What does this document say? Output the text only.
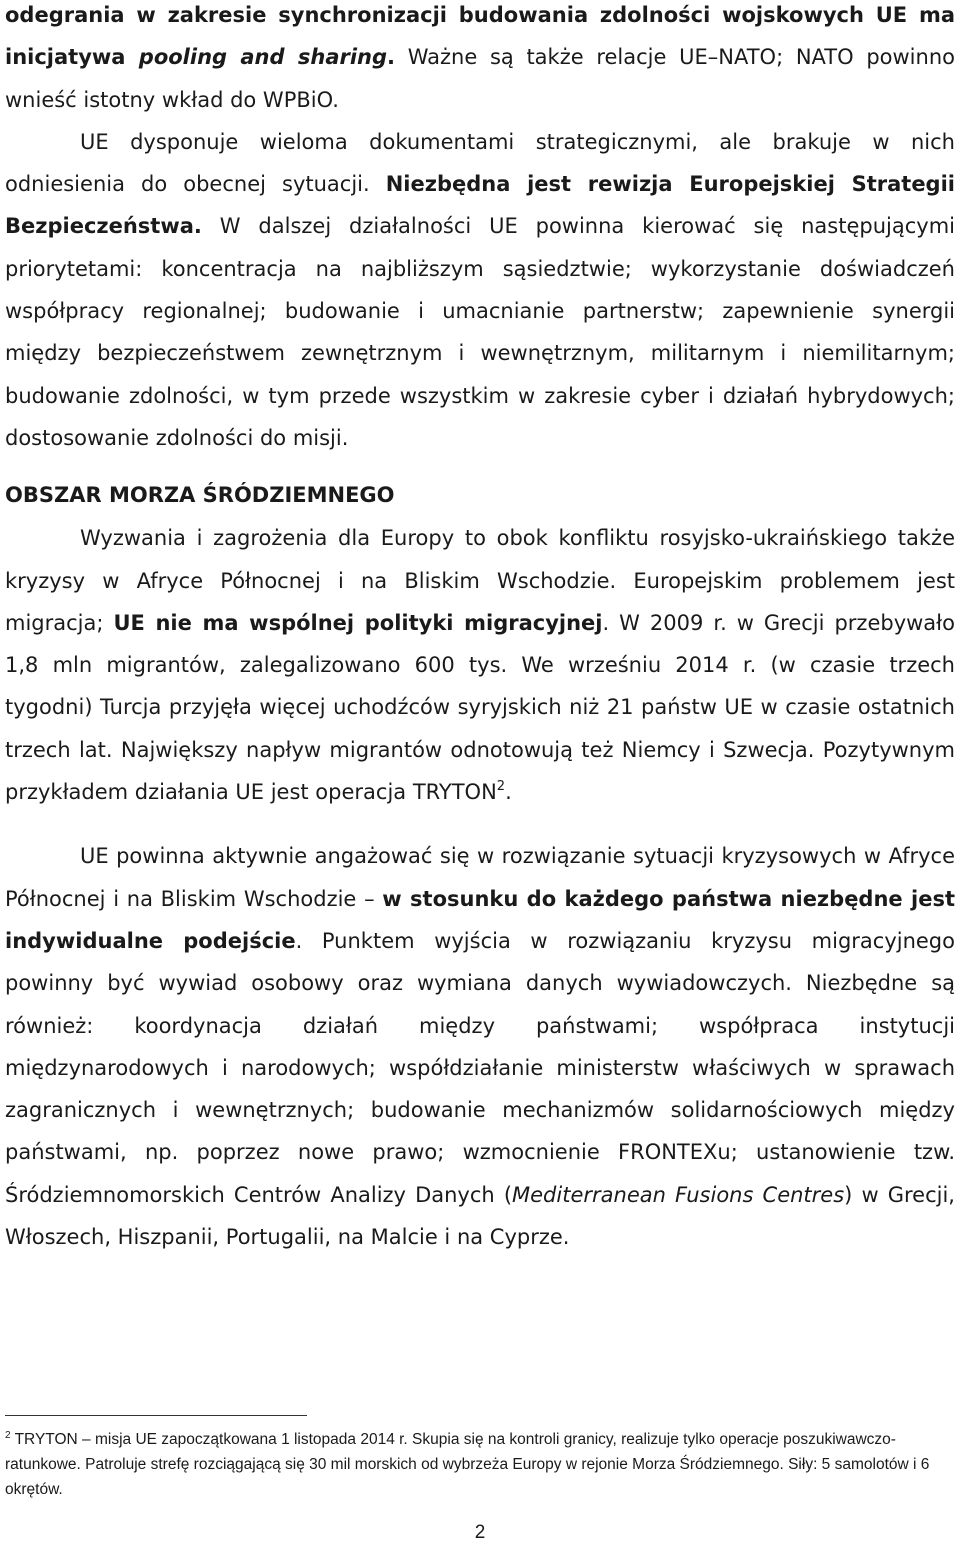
odegrania w zakresie synchronizacji budowania zdolności wojskowych UE ma inicjatywa pooling and sharing. Ważne są także relacje UE–NATO; NATO powinno wnieść istotny wkład do WPBiO.

UE dysponuje wieloma dokumentami strategicznymi, ale brakuje w nich odniesienia do obecnej sytuacji. Niezbędna jest rewizja Europejskiej Strategii Bezpieczeństwa. W dalszej działalności UE powinna kierować się następującymi priorytetami: koncentracja na najbliższym sąsiedztwie; wykorzystanie doświadczeń współpracy regionalnej; budowanie i umacnianie partnerstw; zapewnienie synergii między bezpieczeństwem zewnętrznym i wewnętrznym, militarnym i niemilitarnym; budowanie zdolności, w tym przede wszystkim w zakresie cyber i działań hybrydowych; dostosowanie zdolności do misji.

OBSZAR MORZA ŚRÓDZIEMNEGO

Wyzwania i zagrożenia dla Europy to obok konfliktu rosyjsko-ukraińskiego także kryzysy w Afryce Północnej i na Bliskim Wschodzie. Europejskim problemem jest migracja; UE nie ma wspólnej polityki migracyjnej. W 2009 r. w Grecji przebywało 1,8 mln migrantów, zalegalizowano 600 tys. We wrześniu 2014 r. (w czasie trzech tygodni) Turcja przyjęła więcej uchodźców syryjskich niż 21 państw UE w czasie ostatnich trzech lat. Największy napływ migrantów odnotowują też Niemcy i Szwecja. Pozytywnym przykładem działania UE jest operacja TRYTON$^2$.

UE powinna aktywnie angażować się w rozwiązanie sytuacji kryzysowych w Afryce Północnej i na Bliskim Wschodzie – w stosunku do każdego państwa niezbędne jest indywidualne podejście. Punktem wyjścia w rozwiązaniu kryzysu migracyjnego powinny być wywiad osobowy oraz wymiana danych wywiadowczych. Niezbędne są również: koordynacja działań między państwami; współpraca instytucji międzynarodowych i narodowych; współdziałanie ministerstw właściwych w sprawach zagranicznych i wewnętrznych; budowanie mechanizmów solidarnościowych między państwami, np. poprzez nowe prawo; wzmocnienie FRONTEXu; ustanowienie tzw. Śródziemnomorskich Centrów Analizy Danych (Mediterranean Fusions Centres) w Grecji, Włoszech, Hiszpanii, Portugalii, na Malcie i na Cyprze.

$^2$ TRYTON – misja UE zapoczątkowana 1 listopada 2014 r. Skupia się na kontroli granicy, realizuje tylko operacje poszukiwawczo-ratunkowe. Patroluje strefę rozciągającą się 30 mil morskich od wybrzeża Europy w rejonie Morza Śródziemnego. Siły: 5 samolotów i 6 okrętów.
2
